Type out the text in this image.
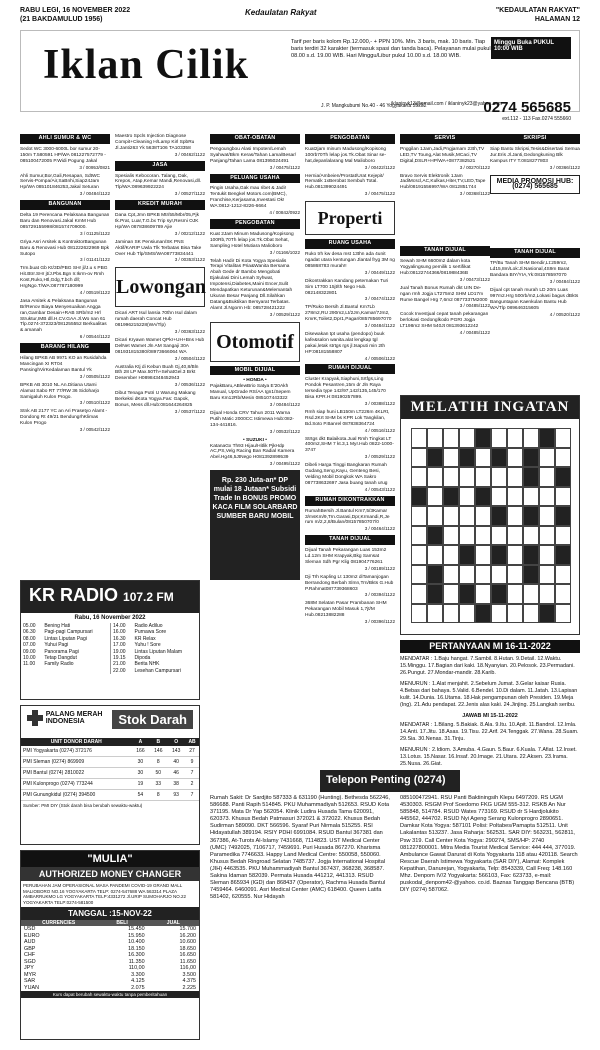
RABU LEGI, 16 NOVEMBER 2022
(21 BAKDAMULUD 1956)
Kedaulatan Rakyat	"KEDAULATAN RAKYAT"
HALAMAN 12
Iklan Cilik	Tarif per baris kolom Rp.12.000,- + PPN 10%. Min. 3 baris, mak. 10 baris. Tiap baris terdiri 32 karakter (termasuk spasi dan tanda baca). Pelayanan mulai pukul 08.00 s.d. 19.00 WIB. Hari Minggu/Libur pukul 10.00 s.d. 18.00 WIB.
Minggu Buka PUKUL 10:00 WIB
J. P. Mangkubumi No.40 - 46 Yogyakarta 55232
iklaninyk13@gmail.com / iklaninyk23@yahoo.com
0274 565685
ext.112 - 113 Fax.0274 555660
AHLI SUMUR & WC
Sedot WC 3000-6000L bor sumur 20-150m T.580591 HP/WA 081227572779 - 085100472005 P.Widi Pogung Jakal
3 / 00953/0821
Ahli Sumur,Bor,Gali,Resapan, SdtWC Servis-Pompa/Air,SaBnhi,Siap24Jam Hp/WA 085101846253,Jakal Seturan
3 / 00484/1122
BANGUNAN
Delta 19 Perencana Pelaksana Bangunan Baru dan Renovasi.Jakal KmM Hub 085729155998/081574709000.
3 / 01125/1122
Griya Asri Arsitek & KontraktorBangunan Baru & Renovasi Hub 081222622969 Bpk Sutopo
3 / 01141/1122
Trm.buat Gb Kt/3D/PBG SHr jl/J.u s PBG Hit.Btrr.SHr jt/J.Pbs.Bgn Ir.Ikrm-ov Rmh Kost,Ruko,Htl,Gdg,T.bch dll; HrgNgo.T/WA:087787180999
4 / 00519/1122
Jasa Arsitek & Pelaksana Bangunan Br/Renov Biaya Menyesuaikan Angga ran,Gambar Desain+RAB SRb/m2 Hrl Struktur,IMB dll.H.CV.GAA Jl.Wo nan 61 Tlp.0274-372323/081255552 Berkualitas & amanah
6 / 00544/1122
BARANG HILANG
Hilang BPKB AB 9971 KO an Rusidahda Mancingan XI RT04 PansinghVirKedalaman Bantul Yk
3 / 00505/1122
BPKB AB 3010 NL An.Ditiana Utami Alamat Sabo RT 77/RW 36 Sidoharjo Samigaluh Kulon Progo.
3 / 00510/1122
Stnk AB 2177 YC an Ari Prasetyo Alamt - Dondong Rt 49/21 BendungrhKlimas Kulon Progo
3 / 00542/1122
Maestro Spcls Injection Diagnose Compit+Cleaning H/Lamp Kirl SpbRu Jl.Janti263 Yk 5638T106 TA103358
3 / 00462/1122
JASA
Spesialis Kebocoran. Talang, Dak, Krepos, Atap,Kemar Mandi,Renovasi,dll. Tlp/WA:089639922224
3 / 00527/1122
KREDIT MURAH
Dana Cpt,Jmn BPKB Mtr/55/Mbr/05,Pjk tk.Prat, Luar,T.G.bx Trip syr,Resmi OJK Hp/WA 087838609789 Ajie
3 / 00212/1122
Jaminan SK Pensiunan/SK PNS Aktif/KARIP Uwla Tlk Terbatas Bisa Take Over Hub Tlp/SMS/WA08773834441
3 / 00353/1122
Lowongan
Dicari ART Isul lansia 70thn Isul dalam rumah daerah Concat Hub 081996215228(WA/Tlp)
3 / 00363/1122
Dicari Kryawn Wamet QPkr+UH+Bns Hub DelNet Wamet Jln AM Sangaji 30A 081931815380/08973666064 WA
3 / 00504/1122
Australia Ktj di Kebun Buah Gj,40,8/Bln Bth 28 LP Max.50Th+SehatGel.3 Brkt Desember H08984348452943
3 / 00536/1122
Dibut Tenaga Putri U Warung Makang Berkeksi dKota Yogya.Fas: Gapok, Bonus, Mess dll.Hub:081644264825
3 / 00537/1122
OBAT-OBATAN
Pengoungbou Alasi Impoten/Lemah Syahwat/Bkm Keras/Tahan Lama/Besar/ Panjang/Tahan Lama 081395024491
3 / 00475/1122
PELUANG USAHA
Pingin Usaha,Gak mau ribet & Jadi! Tentukit Bengkel Motors.com(BMC), Franchise,Kerjasama,Investasi Ok! WA:0812-1212-8226-6664
4 / 00842/0922
PENGOBATAN
Kuat 2Jam Minum Madusong/Kopisong 100Rb,70Th lelap jos.Tk.Obat Sehat, Sampling Hotel Mutiara Malioboro
3 / 01166/1022
Telah Hadir Di Kota Yogya Spesialis Terapi Vitalitas Pria&Wanita Bersama Abah Gede dr Bambo Mengobati Ejakulasi Dini Lemah Syhwat, Impotensi,Diabetes,Maini Encer,Sulit Mendapatkan Keturunan&Melemantah Ukuran Besar Panjang Dll.Silahkan Datang&Buktikan Bersyarat Terbatas. Alamt Jl.Ngorm Hb: 085728421222
3 / 00529/1122
Otomotif
MOBIL DIJUAL
• HONDA •
PajakBaru,ABlewBrio Satya E'20Akh Manual, UpGrade RS/AA Ign1/Sepem Baru Km12Rb/Mesin 085107443322
3 / 00484/1122
Dijual Honda CRV Tahun 2011 Warna Putih Matic 2000CC Istimewa Hub:082-134-441816.
3 / 00532/1122
• SUZUKI •
KatanaGx Th93 Hijau/Hitlik PjkHdp AC,PS,Velg Racing Ban Radial Kamera Abel.Hg46,5JtNego H081392899539
3 / 00495/1122
Rp. 230 Juta-an* DP mulai 18 Jutaan* Subsidi Trade In BONUS PROMO KACA FILM SOLARBARD SUMBER BARU MOBIL
PENGOBATAN
Kuat2jam minum Madusong/Kopisong 100rb70Th lelap jos.Tk.Obat Sinar se-hat,depanlalarang Mal Malioboro
3 / 00422/1122
Hernia/Ambeien/Prostat/Urat Kejepit/ Rematik 1xBerobat Sembuh Total. Hub.081399024491
3 / 00475/1122
Properti
RUANG USAHA
Ruko trh kw desa mst 13thn ada 4unit ngadat utara kentungan Jlantal fryg 3M ng 085868783 murah!!
3 / 00449/1122
Dikontrakkan Kandang peternakan Turi Sim LT700 15jt/th Nego Hub. 082148322801
3 / 00474/1122
TP/Ruko Bersih Jl.Bantul Km7Lb 278m2,RU 290m2,Lt/2Jm,Kamar/7Jm2, KmrK,Toilet2,Dpr1,Pagar/085785697070
3 / 00484/1122
Disewakan tpt usaha (pendopo) buuk kafe&salon wanita.alat lengkap tgl pakai,letak strtgs rgs jl.tsaputi min 2th HP:08181558807
4 / 00506/1122
RUMAH DIJUAL
Cluster Krapyak,Siaphuni,Srtfgs,Ling Pondok Pesantren,15m dr Jln Raya tersedia type 142/97,142/135,145/170 Bisa KPR.H:08190257899.
3 / 00388/1122
Rmh siap huni LB150m LT226m 4KLRt, Rsd.2Krt SHM bs KPR Lok Tangkilan, Bd.Soto P.Banrel 087838364724
4 / 00516/1122
Strtgs dkt Balaikota.Jual Rmh Tingkat LT 400m2,SHM 7 kt.3,1 Myr.Hub 0822-1000-3747
3 / 00529/1122
Dibeli Harga Tinggi Bangkaran Rumah Gudang,Seng,Kayu, Genteng Besi, Velding Mobil Dongkok WA Sakro 087738632697 Jasa buang tanah urug
4 / 00543/1122
RUMAH DIKONTRAKKAN
RumahBersih Jl.Bantul Km7,5/3Kamar 3/msKm/9,Trn.Garasi,Dpr,Krmandi,R,Je rum m/2,2,8/Bulan/08157850707/0
3 / 00464/1122
TANAH DIJUAL
Dijual Tanah Pekarangan Luas 153m2 Ld.12m SHM Krapyak,Bkg Samsat Sleman Sdh Pgr Klig 081904776261
3 / 00189/1122
Dji Trh Kapling Lt 130m2 diTamanjogan Berrandong Berbah Slmn,Trn/Bkts G.Hub P.Rahmat087739368603
3 / 00394/1122
368M Selatan Pasar Prambanan SHM Pekarangan Mobil Masuk 1,7jt/M Hub.08213882288
3 / 00396/1122
SERVIS
Pnggilan 1Jam,Jadi,Pngjamam 23th,TV LED,TV Toung,Alat Musik,MCaci,TV Digital,DSLR+HP/WA+0877382521
3 / 00270/1122
Bravo Servis Elektronik 1Jam JadiMcscl,AC,Kulkas,Hiter,TV,LED,Tape Hub/08191556997/WA 0812851744
3 / 00368/1122
TANAH DIJUAL
Sewah SHM 6600m2 dalam kota Yogyalingsung pemilik 1 sertifikat Hub:08122744366/081988436B
3 / 00473/1122
Jual Tanah Bonus Rumah dkt UIN De- ngan rmh Jogja LT275m2 SHM LD17m Rume Bangel Hrg 7,6m2 0877337M2000
3 / 00485/1122
Cocok Investjual cepat tanah pekarangan berlokasi Gedonglkodo PGRI Jogja LT198m2 SHM 540Jt 081393612242
4 / 00485/1122
SKRIPSI
Siap Bantu Skripsi,Tesis&Disertasi Semua Jur.Eris Jl.Janti,Gedongkuning Blk Kampus ITY T.0818277803
3 / 00366/1122
MEDIA PROMOSI HUB: (0274) 565685
TANAH DIJUAL
TP/Bu Tanah SHM Bendir,Lt:259m2, Ld15,8m/Lok:Jl.Nasional,4S9m Barat Bandara BIY/YIA,Yk:081578597070
3 / 00484/1122
Dijual cpt tanah murah LD 20m Luas 997m2.Hrg 500rb/m2,Lokasi bagus dBkts Banguntapan Kaenkulan Bantu Hub WA/Tlp 089646315605
4 / 00520/1122
KR RADIO 107.2 FM
Rabu, 16 November 2022
05.00	Bening Hati	14.00	Radio Adiluo
06.30	Pagi-pagi Campursari	16.00	Purnawa Sore
08.00	Lintas Liputan Pagi	16.30	KR Relax
07.00	Yuhui Pagi	17.00	Yuhu ! Sore
09.00	Panorama Pagi	19.00	Lintas Liputan Malam
10.00	Tetap Dangdut	19.15	Dipoda
11.00	Family Radio	21.00	Berita NHK
		22.00	Lesehan Campursari
PALANG MERAH INDONESIA	Stok Darah
UNIT DONOR DARAH	A	B	O	AB
PMI Yogyakarta (0274) 372176	166	146	143	27
PMI Sleman (0274) 869909	30	8	40	9
PMI Bantul (0274) 2810022	30	50	46	7
PMI Kulonprogo (0274) 773244	19	33	38	2
PMI Gunungkidul (0274) 394500	54	8	93	7
Sumber: PMI DIY (Stok darah bisa berubah sewaktu-waktu)
"MULIA"
AUTHORIZED MONEY CHANGER
PERUBAHAN JAM OPERASIONAL MASA PANDEMI COVID-19 GRAND MALL MALIOBORO NO.16 YOGYAKARTA TELP: 0274-547688 WA 563314 PLAZA AMBARRUKMO LG YOGYAKARTA TELP:4331272 Jl.URIP SUMOHARJO NO.22 YOGYAKARTA TELP:0274-581500
TANGGAL :15-NOV-22
CURRENCIES	BELI	JUAL
USD	15.450	15.700
EURO	15.950	16.200
AUD	10.400	10.600
GBP	18.150	18.650
CHF	16.300	16.650
SGD	11.350	11.650
JPY	110,00	116,00
MYR	3.300	3.500
SAR	4.125	4.375
YUAN	2.075	2.225
Kurs dapat berubah sewaktu-waktu tanpa pemberitahuan
MELATIH INGATAN
PERTANYAAN MI 16-11-2022

MENDATAR : 1.Baju hangat. 7.Sambil. 8.Hutan. 9.Detail. 12.Waktu. 15.Minggu. 17.Bagian dari kaki. 18.Nyanyian. 20.Pelosok. 23.Permadani. 26.Pungut. 27.Mondar-mandir. 28.Karib.

MENURUN : 1.Alat menjahit. 2.Sebelum Jumat. 3.Gelar kaisar Rusia. 4.Bebas dari bahaya. 5.Valid. 6.Bendel. 10.Di dalam. 11.Jatah. 13.Lapisan kulit. 14.Dunia. 16.Utama. 18.Hak pengampunan oleh Presiden. 19.Meja (Ing). 21.Adu pendapat. 22.Jenis alas kaki. 24.Jinjing. 25.Langkah seribu.

JAWAB MI 15-11-2022

MENDATAR : 1.Bilang. 5.Bakiak. 8.Ala. 9.Itu. 10.Apit. 11.Bandrol. 12.Imla. 14.Anti. 17.Jitu. 18.Asas. 19.Tisu. 22.Arif. 24.Tenggak. 27.Wana. 28.Suam. 29.Sia. 30.Nenas. 31.Tinju.

MENURUN : 2.Idiom. 3.Amuba. 4.Gaun. 5.Baur. 6.Kuala. 7.Afiat. 12.Inset. 13.Lotus. 15.Nasar. 16.Insaf. 20.Image. 21.Utara. 22.Aksen. 23.Irama. 25.Nusa. 26.Giat.

Telepon Penting (0274)
Rumah Sakit: Dr Sardjito 587333 & 631190 (Hunting). Bethesda 562246, 586688. Panti Rapih 514845. PKU Muhammadiyah 512653. RSUD Kota 371195. Mata Dr Yap 562054. Klinik Ludira Husada Tama 620091, 620373. Khusus Bedah Patmasuri 372021 & 372022. Khusus Bedah Sudirman 589090. DKT 566596. Syaraf Puri Nirmala 515255. RSI Hidayatullah 389194. RSIY PDHI 6991084. RSUD Bantul 367381 dan 367386, At-Turots Al-Islamy 7431668, 7114823. UST Medical Center (UMC) 7492025, 7106717, 7459691. Puri Husada 867270. Kharisma Paramedika 7746633. Happy Land Medical Centre: 550058, 550060. Khusus Bedah Ringroad Selatan 7485737. Jogja International Hospital (JIH) 4463535. PKU Muhammadiyah Bantul 367437, 368238, 368587. Sakina Idaman 582039. Permata Husada 441212, 441313. RSUD Sleman 865934 (IGD) dan 868437 (Operator), Rachma Husada Bantul 7459464. 6460091. Asri Medical Center (AMC) 618400. Queen Latifa 581402, 620555. Nur Hidayah
085100472941. RSU Panti Baktiningsih Klepu 6497209. RS UGM 4530303. RSGM Prof Soedomo FKG UGM 555-312. RSKB An Nur 585848, 514784. RSUD Wates 773169. RSUD dr S Hardjolukito 445562, 444702. RSUD Nyi Ageng Serang Kulonprogro 2890651. Damkar Kota Yogya: 587101 Polisi: Poltabes/Pamapta 512511. Unit Lakalantas 513237. Jasa Raharja: 562531. SAR DIY: 563231, 562811, Psw 319. Call Center Kota Yogya: 290274, SMS/HP: 2740 081227800001. Mitra Media Tourist Medical Service: 444 444, 377019. Ambulance Gawat Darurat di Kota Yogyakarta 118 atau 420118. Search Rescue Daerah Istimewa Yogyakarta (SAR DIY), Alamat: Komplek Kepatihan, Danurejan, Yogyakarta, Telp: 8543339, Call Freq: 148.160 Mhz. Denpom IV/2 Yogyakarta: 566103, Fax: 623733, e-mail: puskodal_denpom42-@yahoo. co.id. Baznas Tanggap Bencana (BTB) DIY (0274) 587062.
